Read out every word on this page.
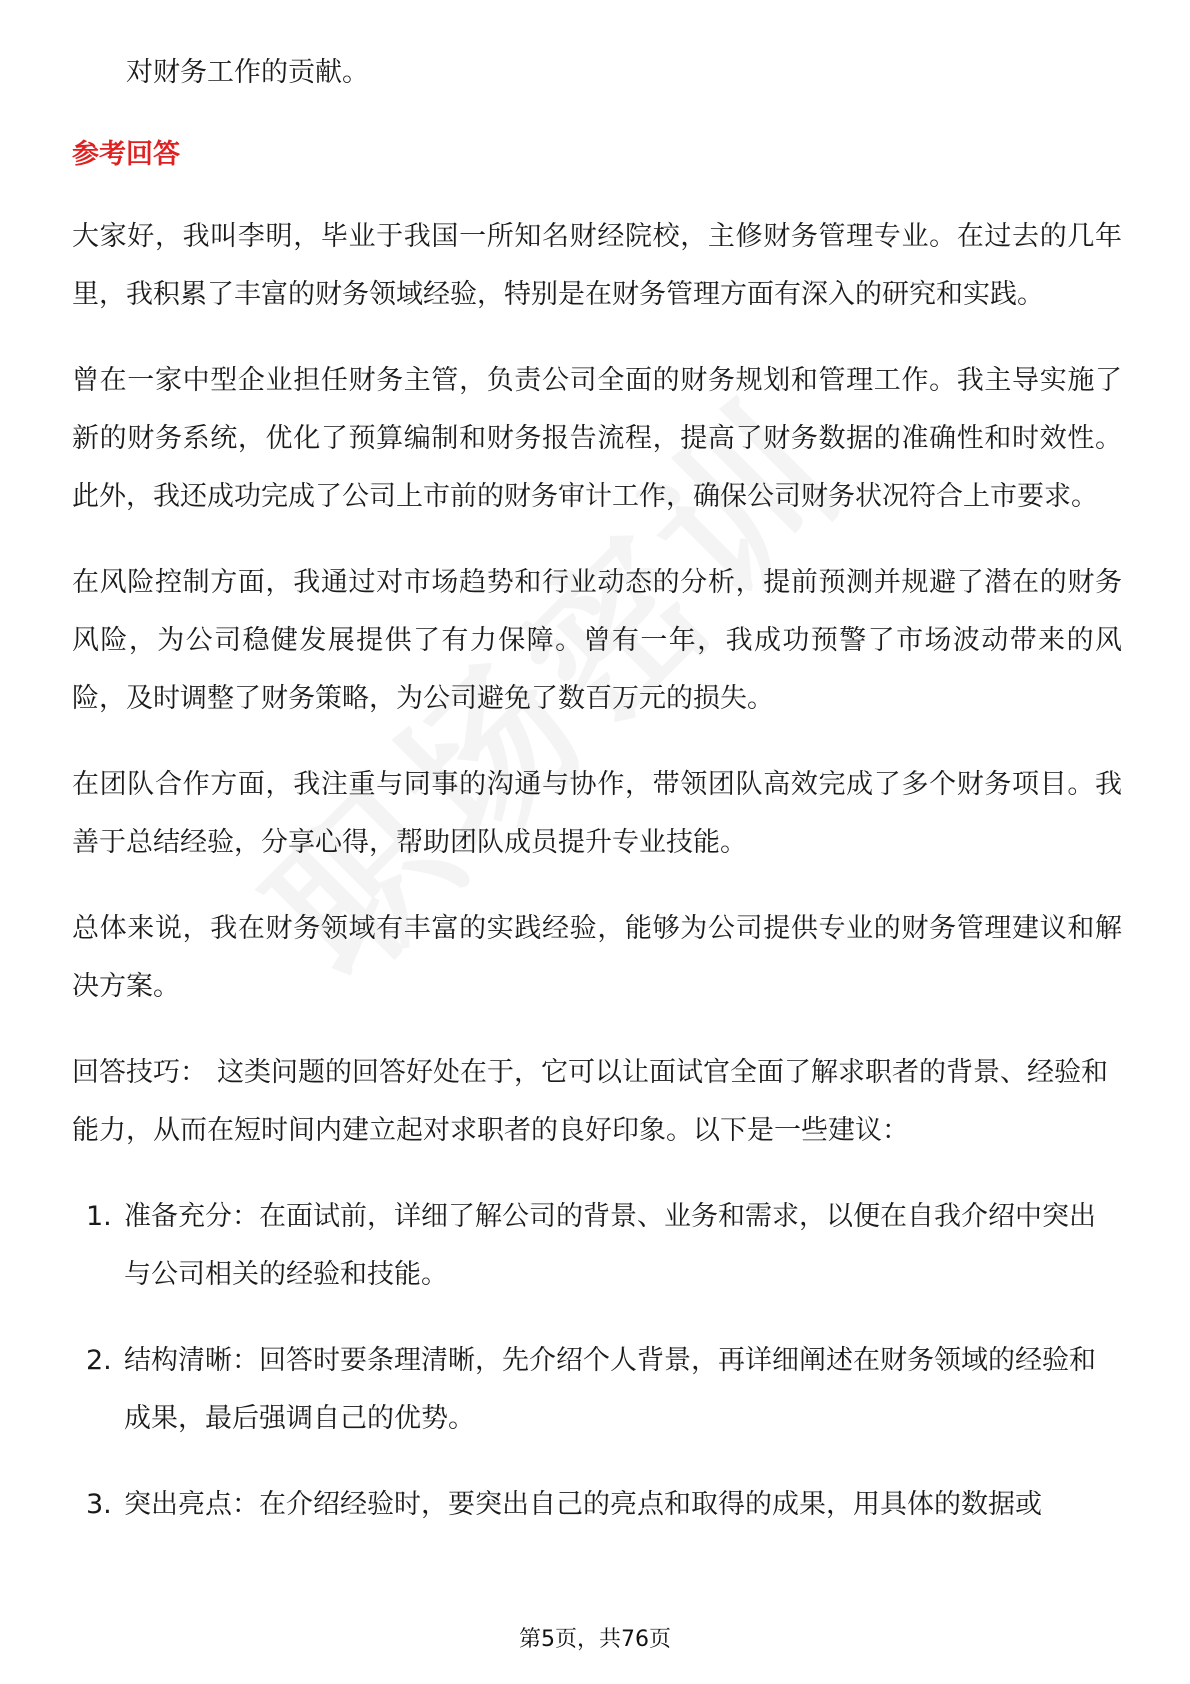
对财务工作的贡献。

参考回答

大家好，我叫李明，毕业于我国一所知名财经院校，主修财务管理专业。在过去的几年里，我积累了丰富的财务领域经验，特别是在财务管理方面有深入的研究和实践。

曾在一家中型企业担任财务主管，负责公司全面的财务规划和管理工作。我主导实施了新的财务系统，优化了预算编制和财务报告流程，提高了财务数据的准确性和时效性。此外，我还成功完成了公司上市前的财务审计工作，确保公司财务状况符合上市要求。

在风险控制方面，我通过对市场趋势和行业动态的分析，提前预测并规避了潜在的财务风险，为公司稳健发展提供了有力保障。曾有一年，我成功预警了市场波动带来的风险，及时调整了财务策略，为公司避免了数百万元的损失。

在团队合作方面，我注重与同事的沟通与协作，带领团队高效完成了多个财务项目。我善于总结经验，分享心得，帮助团队成员提升专业技能。

总体来说，我在财务领域有丰富的实践经验，能够为公司提供专业的财务管理建议和解决方案。

回答技巧： 这类问题的回答好处在于，它可以让面试官全面了解求职者的背景、经验和能力，从而在短时间内建立起对求职者的良好印象。以下是一些建议：

1. 准备充分：在面试前，详细了解公司的背景、业务和需求，以便在自我介绍中突出与公司相关的经验和技能。
2. 结构清晰：回答时要条理清晰，先介绍个人背景，再详细阐述在财务领域的经验和成果，最后强调自己的优势。
3. 突出亮点：在介绍经验时，要突出自己的亮点和取得的成果，用具体的数据或
第5页，共76页
